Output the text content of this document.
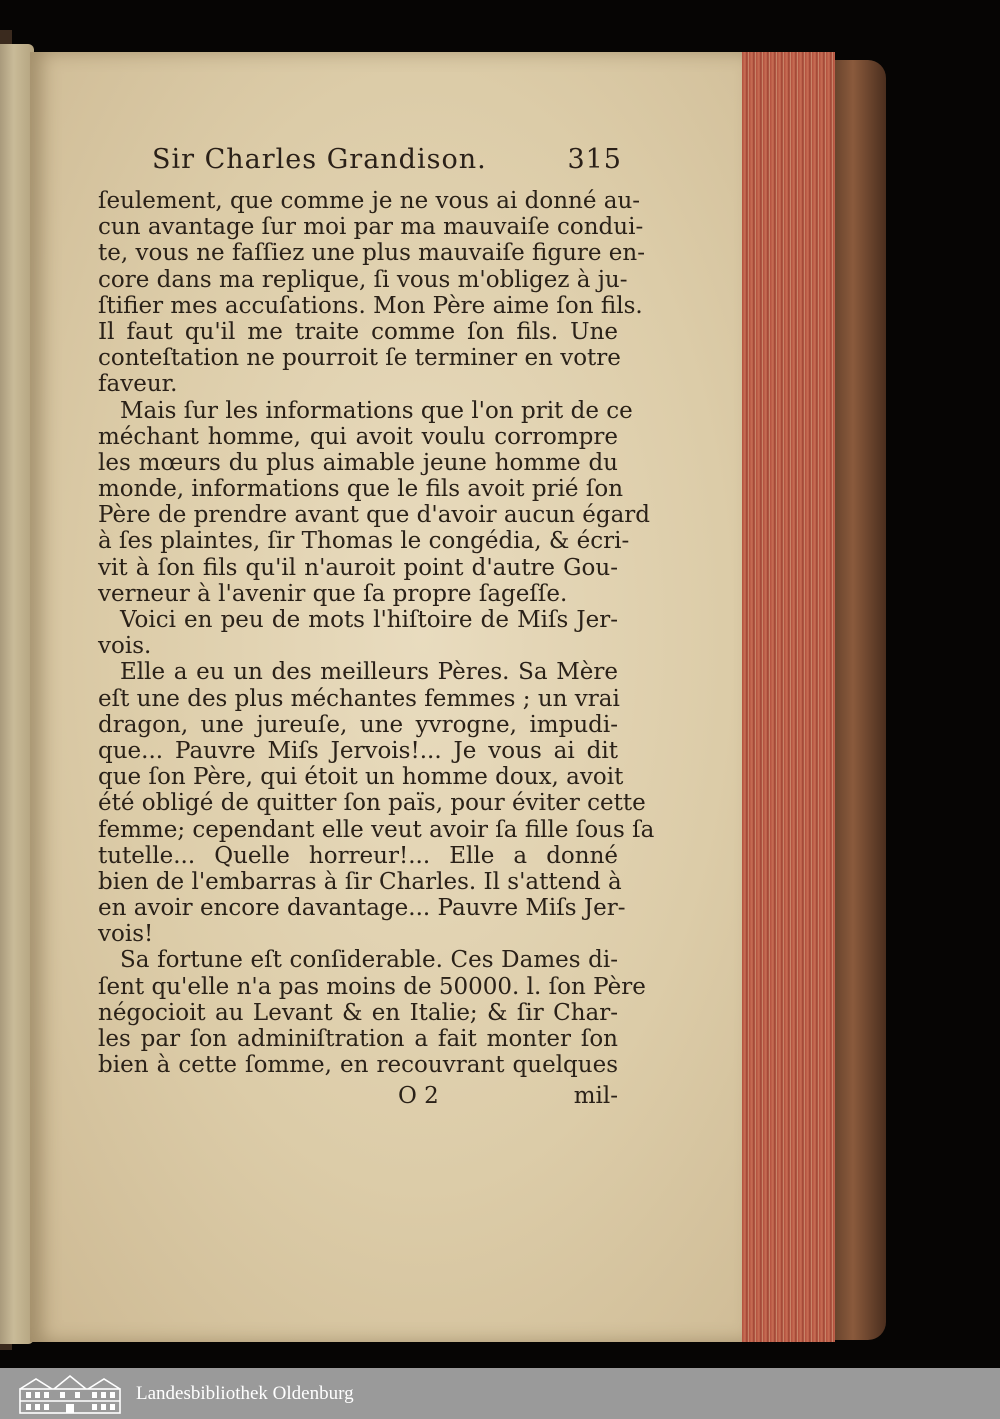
Sir Charles Grandison.	315
ſeulement, que comme je ne vous ai donné au-
cun avantage ſur moi par ma mauvaiſe condui-
te, vous ne faſſiez une plus mauvaiſe figure en-
core dans ma replique, ſi vous m'obligez à ju-
ſtifier mes accuſations. Mon Père aime ſon fils.
Il faut qu'il me traite comme ſon fils. Une
conteſtation ne pourroit ſe terminer en votre
faveur.
Mais ſur les informations que l'on prit de ce
méchant homme, qui avoit voulu corrompre
les mœurs du plus aimable jeune homme du
monde, informations que le fils avoit prié ſon
Père de prendre avant que d'avoir aucun égard
à ſes plaintes, ſir Thomas le congédia, & écri-
vit à ſon fils qu'il n'auroit point d'autre Gou-
verneur à l'avenir que ſa propre ſageſſe.
Voici en peu de mots l'hiſtoire de Miſs Jer-
vois.
Elle a eu un des meilleurs Pères. Sa Mère
eſt une des plus méchantes femmes ; un vrai
dragon, une jureuſe, une yvrogne, impudi-
que... Pauvre Miſs Jervois!... Je vous ai dit
que ſon Père, qui étoit un homme doux, avoit
été obligé de quitter ſon païs, pour éviter cette
femme; cependant elle veut avoir ſa fille ſous ſa
tutelle... Quelle horreur!... Elle a donné
bien de l'embarras à ſir Charles. Il s'attend à
en avoir encore davantage... Pauvre Miſs Jer-
vois!
Sa fortune eſt conſiderable. Ces Dames di-
ſent qu'elle n'a pas moins de 50000. l. ſon Père
négocioit au Levant & en Italie; & ſir Char-
les par ſon adminiſtration a fait monter ſon
bien à cette ſomme, en recouvrant quelques
O 2	mil-
Landesbibliothek Oldenburg
